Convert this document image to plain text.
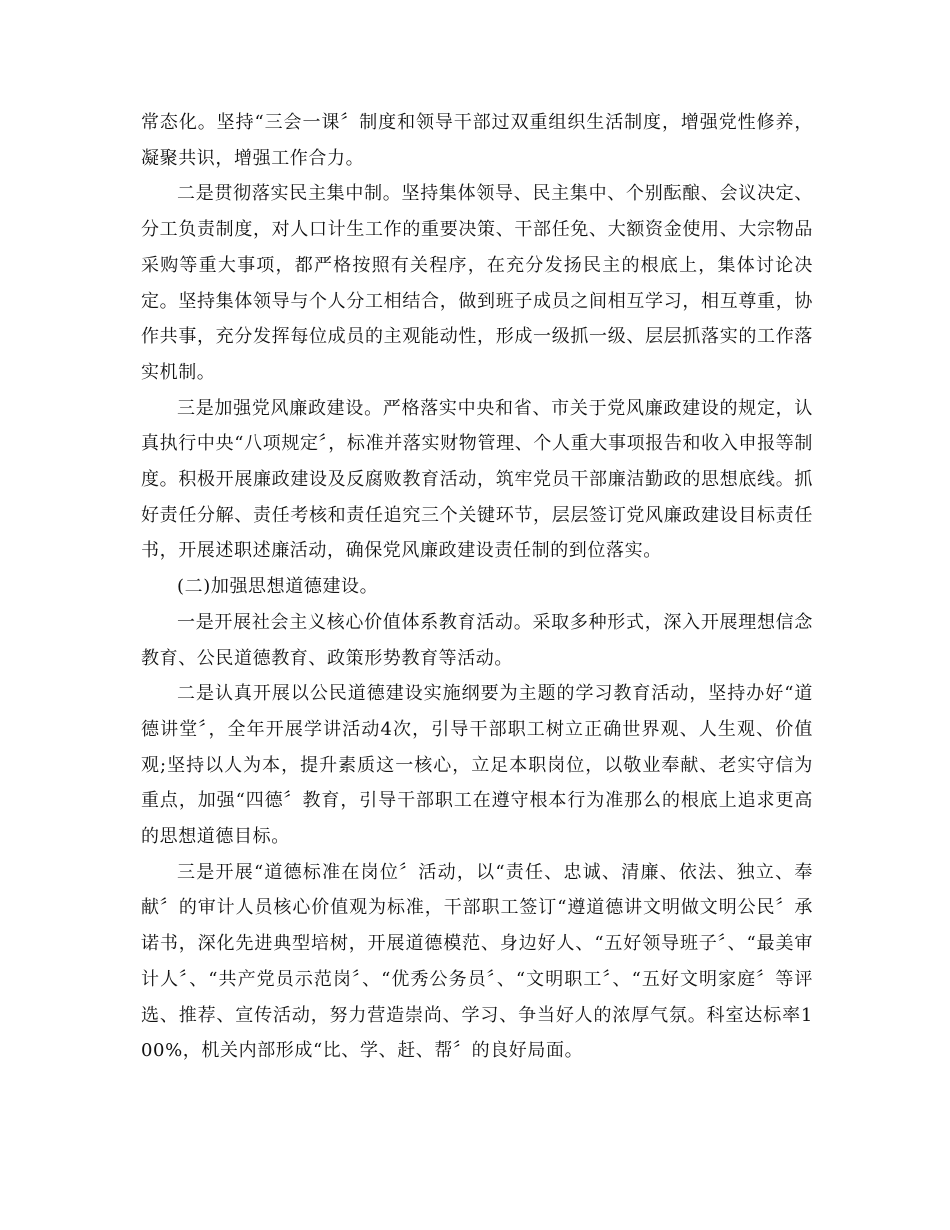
常态化。坚持“三会一课〞制度和领导干部过双重组织生活制度，增强党性修养，凝聚共识，增强工作合力。

二是贯彻落实民主集中制。坚持集体领导、民主集中、个别酝酿、会议决定、分工负责制度，对人口计生工作的重要决策、干部任免、大额资金使用、大宗物品采购等重大事项，都严格按照有关程序，在充分发扬民主的根底上，集体讨论决定。坚持集体领导与个人分工相结合，做到班子成员之间相互学习，相互尊重，协作共事，充分发挥每位成员的主观能动性，形成一级抓一级、层层抓落实的工作落实机制。

三是加强党风廉政建设。严格落实中央和省、市关于党风廉政建设的规定，认真执行中央“八项规定〞，标准并落实财物管理、个人重大事项报告和收入申报等制度。积极开展廉政建设及反腐败教育活动，筑牢党员干部廉洁勤政的思想底线。抓好责任分解、责任考核和责任追究三个关键环节，层层签订党风廉政建设目标责任书，开展述职述廉活动，确保党风廉政建设责任制的到位落实。

(二)加强思想道德建设。

一是开展社会主义核心价值体系教育活动。采取多种形式，深入开展理想信念教育、公民道德教育、政策形势教育等活动。

二是认真开展以公民道德建设实施纲要为主题的学习教育活动，坚持办好“道德讲堂〞，全年开展学讲活动4次，引导干部职工树立正确世界观、人生观、价值观;坚持以人为本，提升素质这一核心，立足本职岗位，以敬业奉献、老实守信为重点，加强“四德〞教育，引导干部职工在遵守根本行为准那么的根底上追求更高的思想道德目标。

三是开展“道德标准在岗位〞活动，以“责任、忠诚、清廉、依法、独立、奉献〞的审计人员核心价值观为标准，干部职工签订“遵道德讲文明做文明公民〞承诺书，深化先进典型培树，开展道德模范、身边好人、“五好领导班子〞、“最美审计人〞、“共产党员示范岗〞、“优秀公务员〞、“文明职工〞、“五好文明家庭〞等评选、推荐、宣传活动，努力营造崇尚、学习、争当好人的浓厚气氛。科室达标率100%，机关内部形成“比、学、赶、帮〞的良好局面。
